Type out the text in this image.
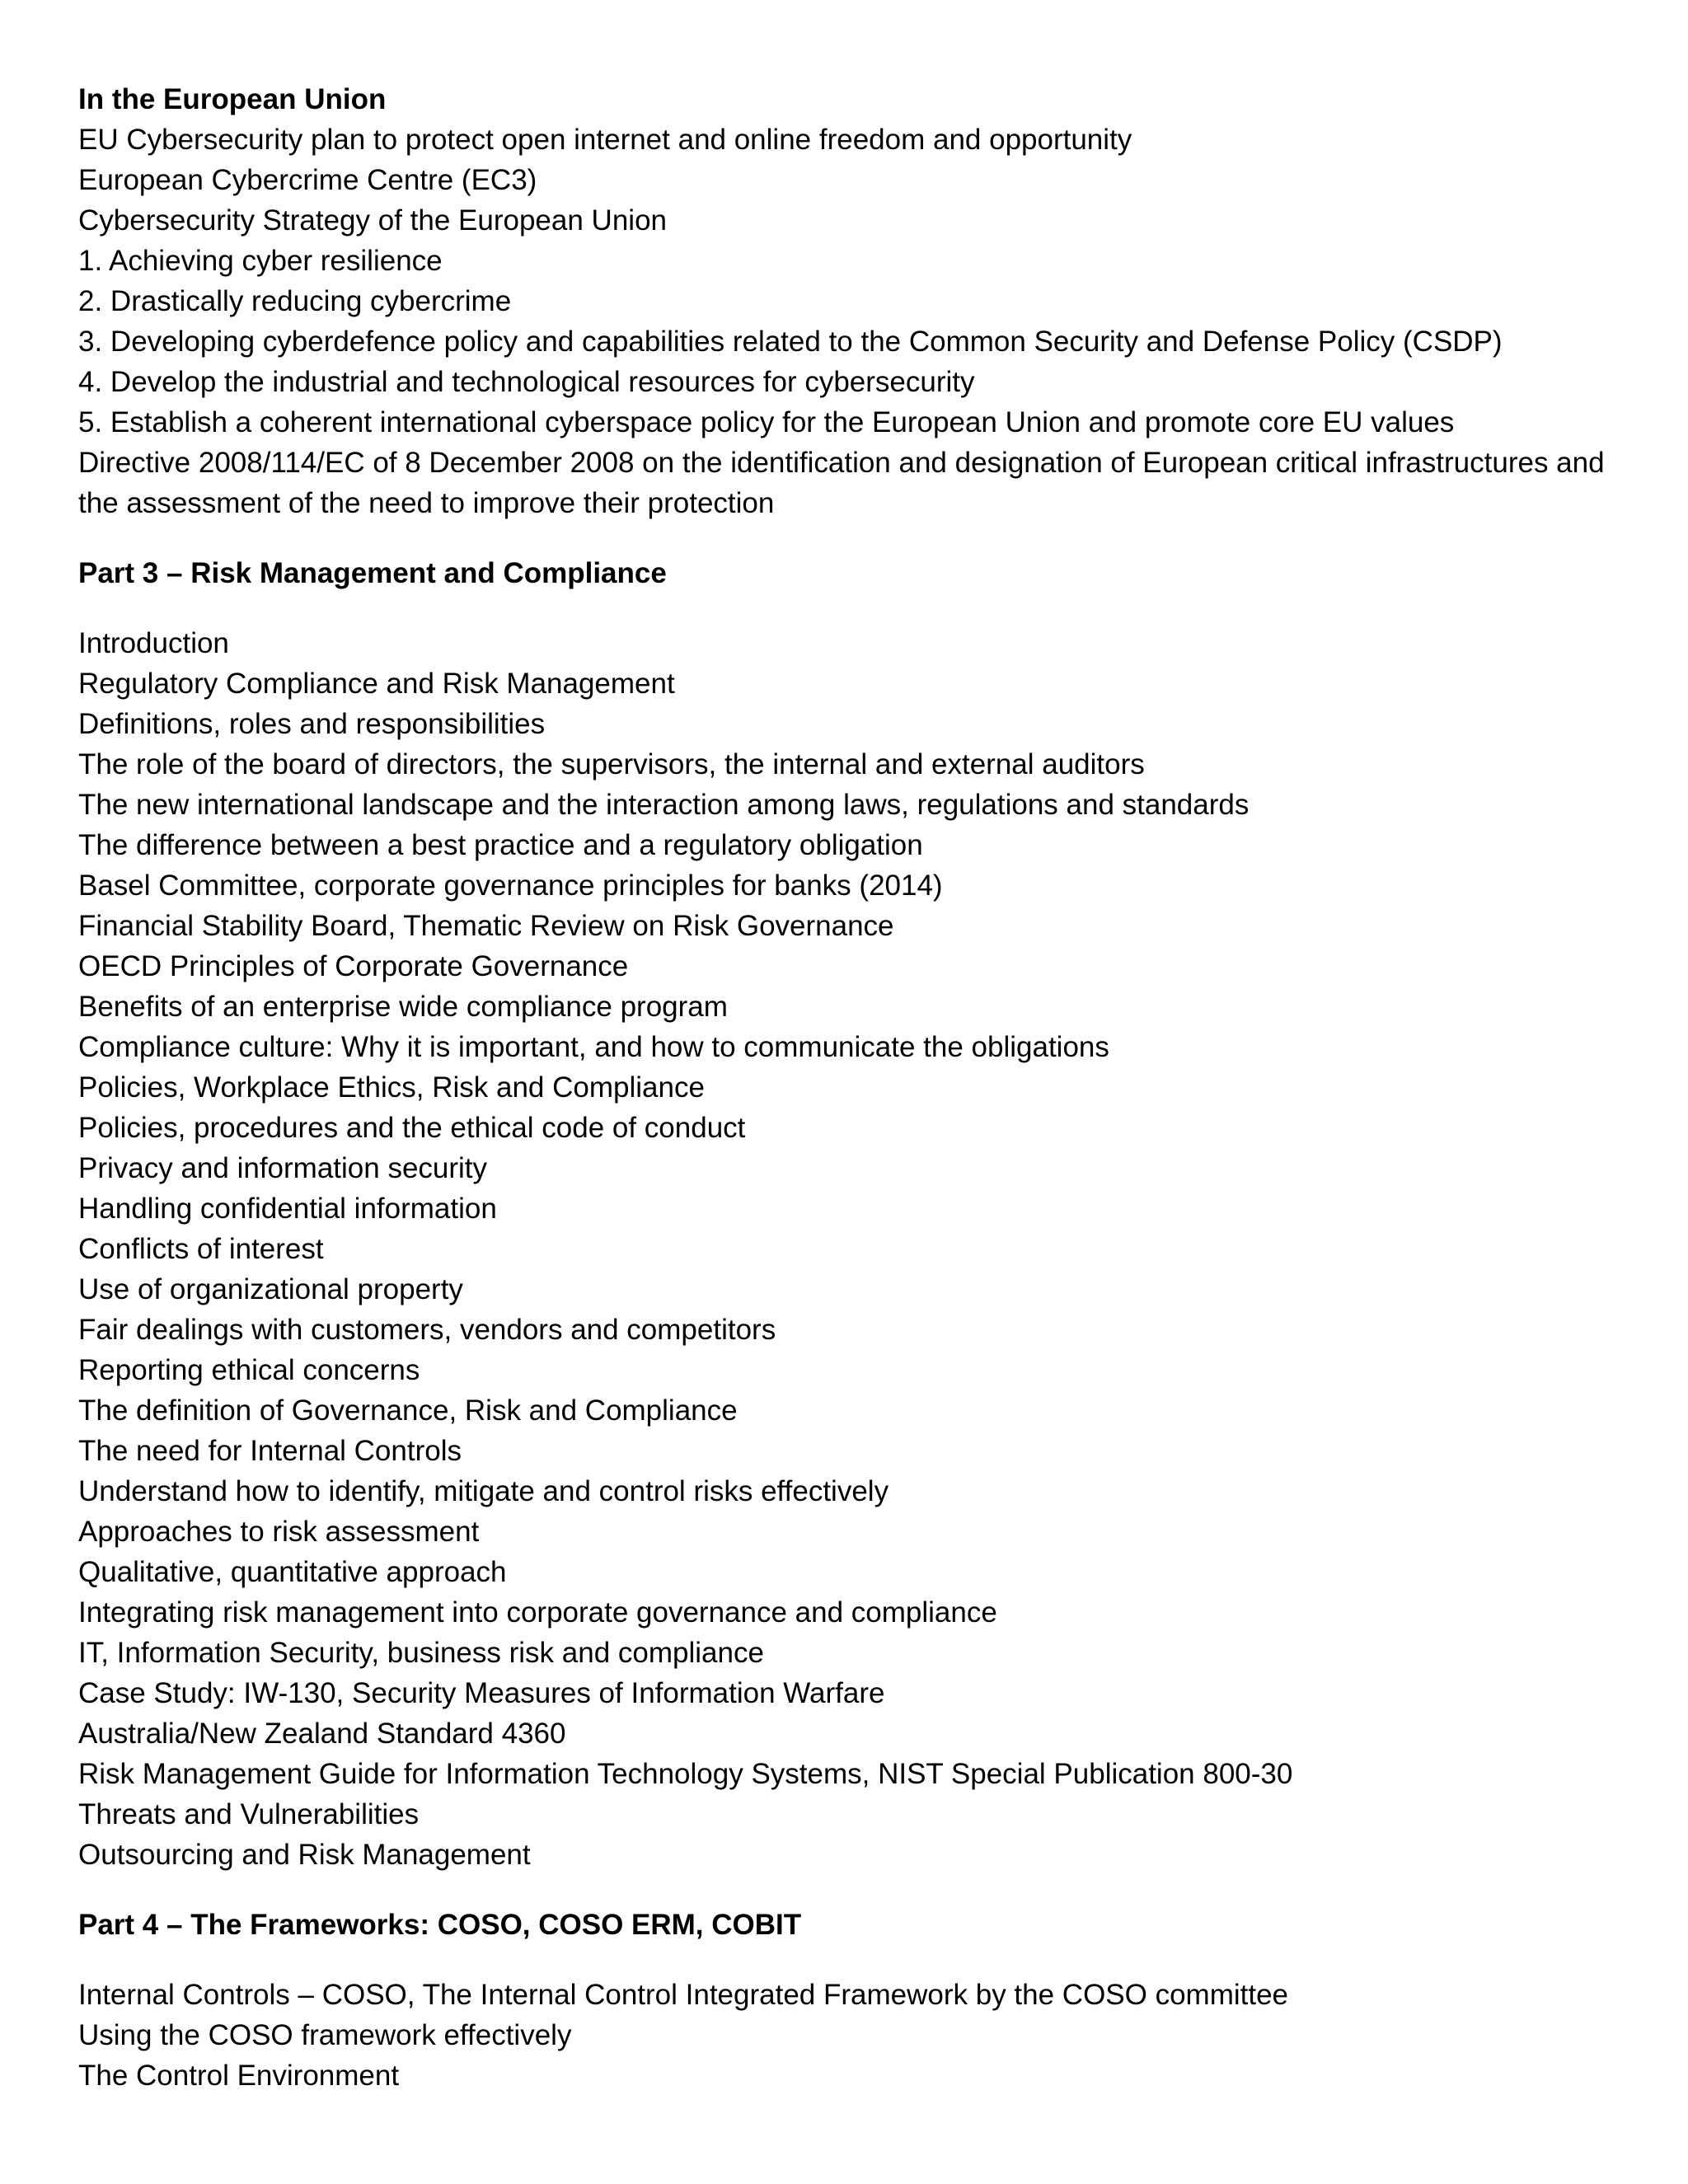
In the European Union

EU Cybersecurity plan to protect open internet and online freedom and opportunity

European Cybercrime Centre (EC3)

Cybersecurity Strategy of the European Union

1. Achieving cyber resilience

2. Drastically reducing cybercrime

3. Developing cyberdefence policy and capabilities related to the Common Security and Defense Policy (CSDP)

4. Develop the industrial and technological resources for cybersecurity

5. Establish a coherent international cyberspace policy for the European Union and promote core EU values

Directive 2008/114/EC of 8 December 2008 on the identification and designation of European critical infrastructures and the assessment of the need to improve their protection

Part 3 – Risk Management and Compliance

Introduction

Regulatory Compliance and Risk Management

Definitions, roles and responsibilities

The role of the board of directors, the supervisors, the internal and external auditors

The new international landscape and the interaction among laws, regulations and standards

The difference between a best practice and a regulatory obligation

Basel Committee, corporate governance principles for banks (2014)

Financial Stability Board, Thematic Review on Risk Governance

OECD Principles of Corporate Governance

Benefits of an enterprise wide compliance program

Compliance culture: Why it is important, and how to communicate the obligations

Policies, Workplace Ethics, Risk and Compliance

Policies, procedures and the ethical code of conduct

Privacy and information security

Handling confidential information

Conflicts of interest

Use of organizational property

Fair dealings with customers, vendors and competitors

Reporting ethical concerns

The definition of Governance, Risk and Compliance

The need for Internal Controls

Understand how to identify, mitigate and control risks effectively

Approaches to risk assessment

Qualitative, quantitative approach

Integrating risk management into corporate governance and compliance

IT, Information Security, business risk and compliance

Case Study: IW-130, Security Measures of Information Warfare

Australia/New Zealand Standard 4360

Risk Management Guide for Information Technology Systems, NIST Special Publication 800-30

Threats and Vulnerabilities

Outsourcing and Risk Management

Part 4 – The Frameworks: COSO, COSO ERM, COBIT

Internal Controls – COSO, The Internal Control Integrated Framework by the COSO committee

Using the COSO framework effectively

The Control Environment
